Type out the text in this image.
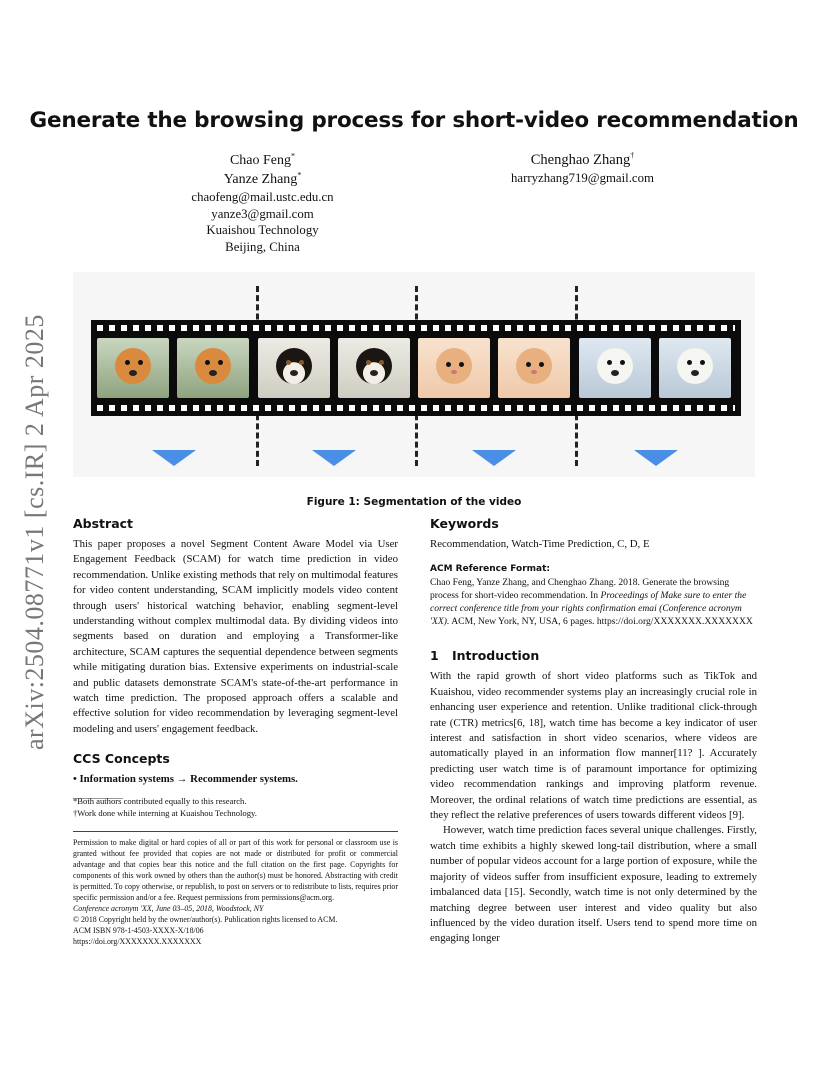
Generate the browsing process for short-video recommendation
Chao Feng*
Yanze Zhang*
chaofeng@mail.ustc.edu.cn
yanze3@gmail.com
Kuaishou Technology
Beijing, China
Chenghao Zhang†
harryzhang719@gmail.com
arXiv:2504.08771v1 [cs.IR] 2 Apr 2025	Figure 1: Segmentation of the video
Abstract

This paper proposes a novel Segment Content Aware Model via User Engagement Feedback (SCAM) for watch time prediction in video recommendation. Unlike existing methods that rely on multimodal features for video content understanding, SCAM implicitly models video content through users' historical watching behavior, enabling segment-level understanding without complex multimodal data. By dividing videos into segments based on duration and employing a Transformer-like architecture, SCAM captures the sequential dependence between segments while mitigating duration bias. Extensive experiments on industrial-scale and public datasets demonstrate SCAM's state-of-the-art performance in watch time prediction. The proposed approach offers a scalable and effective solution for video recommendation by leveraging segment-level modeling and users' engagement feedback.

CCS Concepts

• Information systems → Recommender systems.

*Both authors contributed equally to this research.
†Work done while interning at Kuaishou Technology.
Permission to make digital or hard copies of all or part of this work for personal or classroom use is granted without fee provided that copies are not made or distributed for profit or commercial advantage and that copies bear this notice and the full citation on the first page. Copyrights for components of this work owned by others than the author(s) must be honored. Abstracting with credit is permitted. To copy otherwise, or republish, to post on servers or to redistribute to lists, requires prior specific permission and/or a fee. Request permissions from permissions@acm.org.
Conference acronym 'XX, June 03–05, 2018, Woodstock, NY
© 2018 Copyright held by the owner/author(s). Publication rights licensed to ACM.
ACM ISBN 978-1-4503-XXXX-X/18/06
https://doi.org/XXXXXXX.XXXXXXX
Keywords

Recommendation, Watch-Time Prediction, C, D, E

ACM Reference Format:

Chao Feng, Yanze Zhang, and Chenghao Zhang. 2018. Generate the browsing process for short-video recommendation. In Proceedings of Make sure to enter the correct conference title from your rights confirmation emai (Conference acronym 'XX). ACM, New York, NY, USA, 6 pages. https://doi.org/XXXXXXX.XXXXXXX

1 Introduction

With the rapid growth of short video platforms such as TikTok and Kuaishou, video recommender systems play an increasingly crucial role in enhancing user experience and retention. Unlike traditional click-through rate (CTR) metrics[6, 18], watch time has become a key indicator of user interest and satisfaction in short video scenarios, where videos are automatically played in an information flow manner[11? ]. Accurately predicting user watch time is of paramount importance for optimizing video recommendation rankings and improving platform revenue. Moreover, the ordinal relations of watch time predictions are essential, as they reflect the relative preferences of users towards different videos [9].

However, watch time prediction faces several unique challenges. Firstly, watch time exhibits a highly skewed long-tail distribution, where a small number of popular videos account for a large portion of exposure, while the majority of videos suffer from insufficient exposure, leading to extremely imbalanced data [15]. Secondly, watch time is not only determined by the matching degree between user interest and video quality but also influenced by the video duration itself. Users tend to spend more time on engaging longer
